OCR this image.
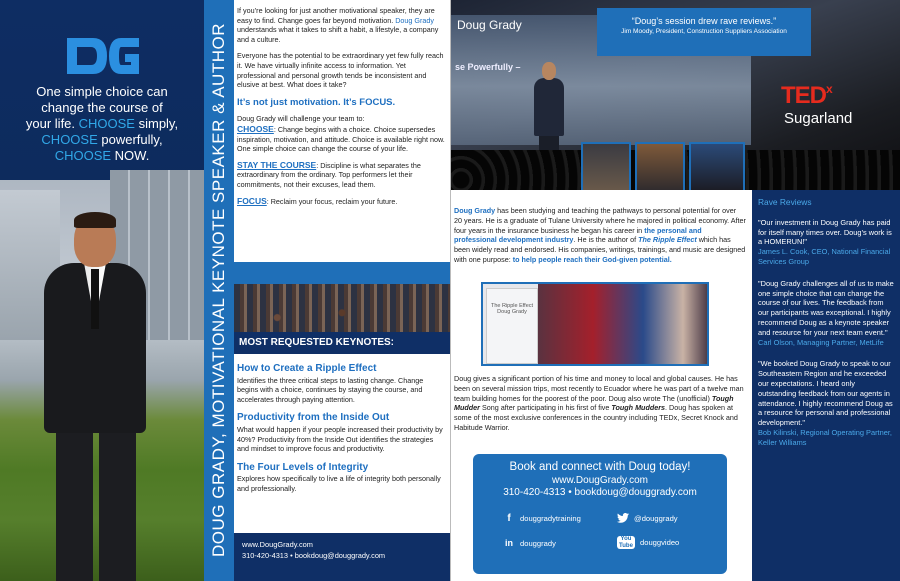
One simple choice can
change the course of
your life. CHOOSE simply,
CHOOSE powerfully,
CHOOSE NOW.	DOUG GRADY, MOTIVATIONAL KEYNOTE SPEAKER & AUTHOR

If you’re looking for just another motivational speaker, they are easy to find. Change goes far beyond motivation. Doug Grady understands what it takes to shift a habit, a lifestyle, a company and a culture.

Everyone has the potential to be extraordinary yet few fully reach it. We have virtually infinite access to information. Yet professional and personal growth tends be inconsistent and elusive at best. What does it take?

It’s not just motivation. It’s FOCUS.

Doug Grady will challenge your team to:

CHOOSE: Change begins with a choice. Choice supersedes inspiration, motivation, and attitude. Choice is available right now. One simple choice can change the course of your life.

STAY THE COURSE: Discipline is what separates the extraordinary from the ordinary. Top performers let their commitments, not their excuses, lead them.

FOCUS: Reclaim your focus, reclaim your future.

MOST REQUESTED KEYNOTES:
How to Create a Ripple Effect
Identifies the three critical steps to lasting change. Change begins with a choice, continues by staying the course, and accelerates through paying attention.
Productivity from the Inside Out
What would happen if your people increased their productivity by 40%? Productivity from the Inside Out identifies the strategies and mindset to improve focus and productivity.
The Four Levels of Integrity
Explores how specifically to live a life of integrity both personally and professionally.
www.DougGrady.com
310-420-4313 • bookdoug@douggrady.com
Doug Grady
se Powerfully –
TED$^x$
Sugarland
“Doug’s session drew rave reviews.”
Jim Moody, President, Construction Suppliers Association
Doug Grady has been studying and teaching the pathways to personal potential for over 20 years. He is a graduate of Tulane University where he majored in political economy. After four years in the insurance business he began his career in the personal and professional development industry. He is the author of The Ripple Effect which has been widely read and endorsed. His companies, writings, trainings, and music are designed with one purpose: to help people reach their God-given potential.
The Ripple Effect Doug Grady
Doug gives a significant portion of his time and money to local and global causes. He has been on several mission trips, most recently to Ecuador where he was part of a twelve man team building homes for the poorest of the poor. Doug also wrote The (unofficial) Tough Mudder Song after participating in his first of five Tough Mudders. Doug has spoken at some of the most exclusive conferences in the country including TEDx, Secret Knock and Habitude Warrior.
Book and connect with Doug today!
www.DougGrady.com
310-420-4313 • bookdoug@douggrady.com
f	douggradytraining	@douggrady
in douggrady	You
Tube douggvideo
Rave Reviews
"Our investment in Doug Grady has paid for itself many times over. Doug’s work is a HOMERUN!"
James L. Cook, CEO, National Financial Services Group
"Doug Grady challenges all of us to make one simple choice that can change the course of our lives. The feedback from our participants was exceptional. I highly recommend Doug as a keynote speaker and resource for your next team event."
Carl Olson, Managing Partner, MetLife
"We booked Doug Grady to speak to our Southeastern Region and he exceeded our expectations. I heard only outstanding feedback from our agents in attendance. I highly recommend Doug as a resource for personal and professional development."
Bob Kilinski, Regional Operating Partner, Keller Williams
